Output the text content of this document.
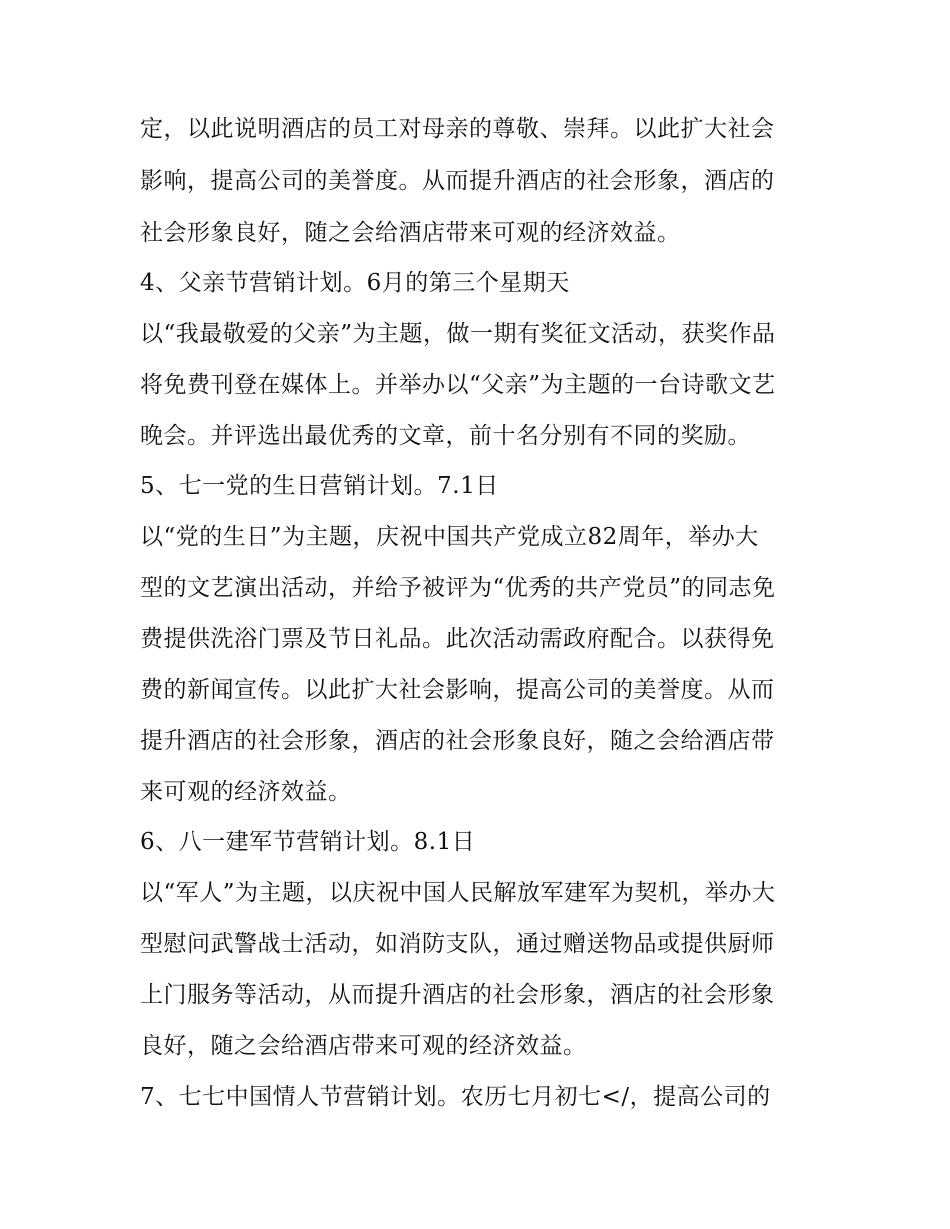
定，以此说明酒店的员工对母亲的尊敬、崇拜。以此扩大社会
影响，提高公司的美誉度。从而提升酒店的社会形象，酒店的
社会形象良好，随之会给酒店带来可观的经济效益。
4、父亲节营销计划。6月的第三个星期天
以“我最敬爱的父亲”为主题，做一期有奖征文活动，获奖作品
将免费刊登在媒体上。并举办以“父亲”为主题的一台诗歌文艺
晚会。并评选出最优秀的文章，前十名分别有不同的奖励。
5、七一党的生日营销计划。7.1日
以“党的生日”为主题，庆祝中国共产党成立82周年，举办大
型的文艺演出活动，并给予被评为“优秀的共产党员”的同志免
费提供洗浴门票及节日礼品。此次活动需政府配合。以获得免
费的新闻宣传。以此扩大社会影响，提高公司的美誉度。从而
提升酒店的社会形象，酒店的社会形象良好，随之会给酒店带
来可观的经济效益。
6、八一建军节营销计划。8.1日
以“军人”为主题，以庆祝中国人民解放军建军为契机，举办大
型慰问武警战士活动，如消防支队，通过赠送物品或提供厨师
上门服务等活动，从而提升酒店的社会形象，酒店的社会形象
良好，随之会给酒店带来可观的经济效益。
7、七七中国情人节营销计划。农历七月初七</，提高公司的
